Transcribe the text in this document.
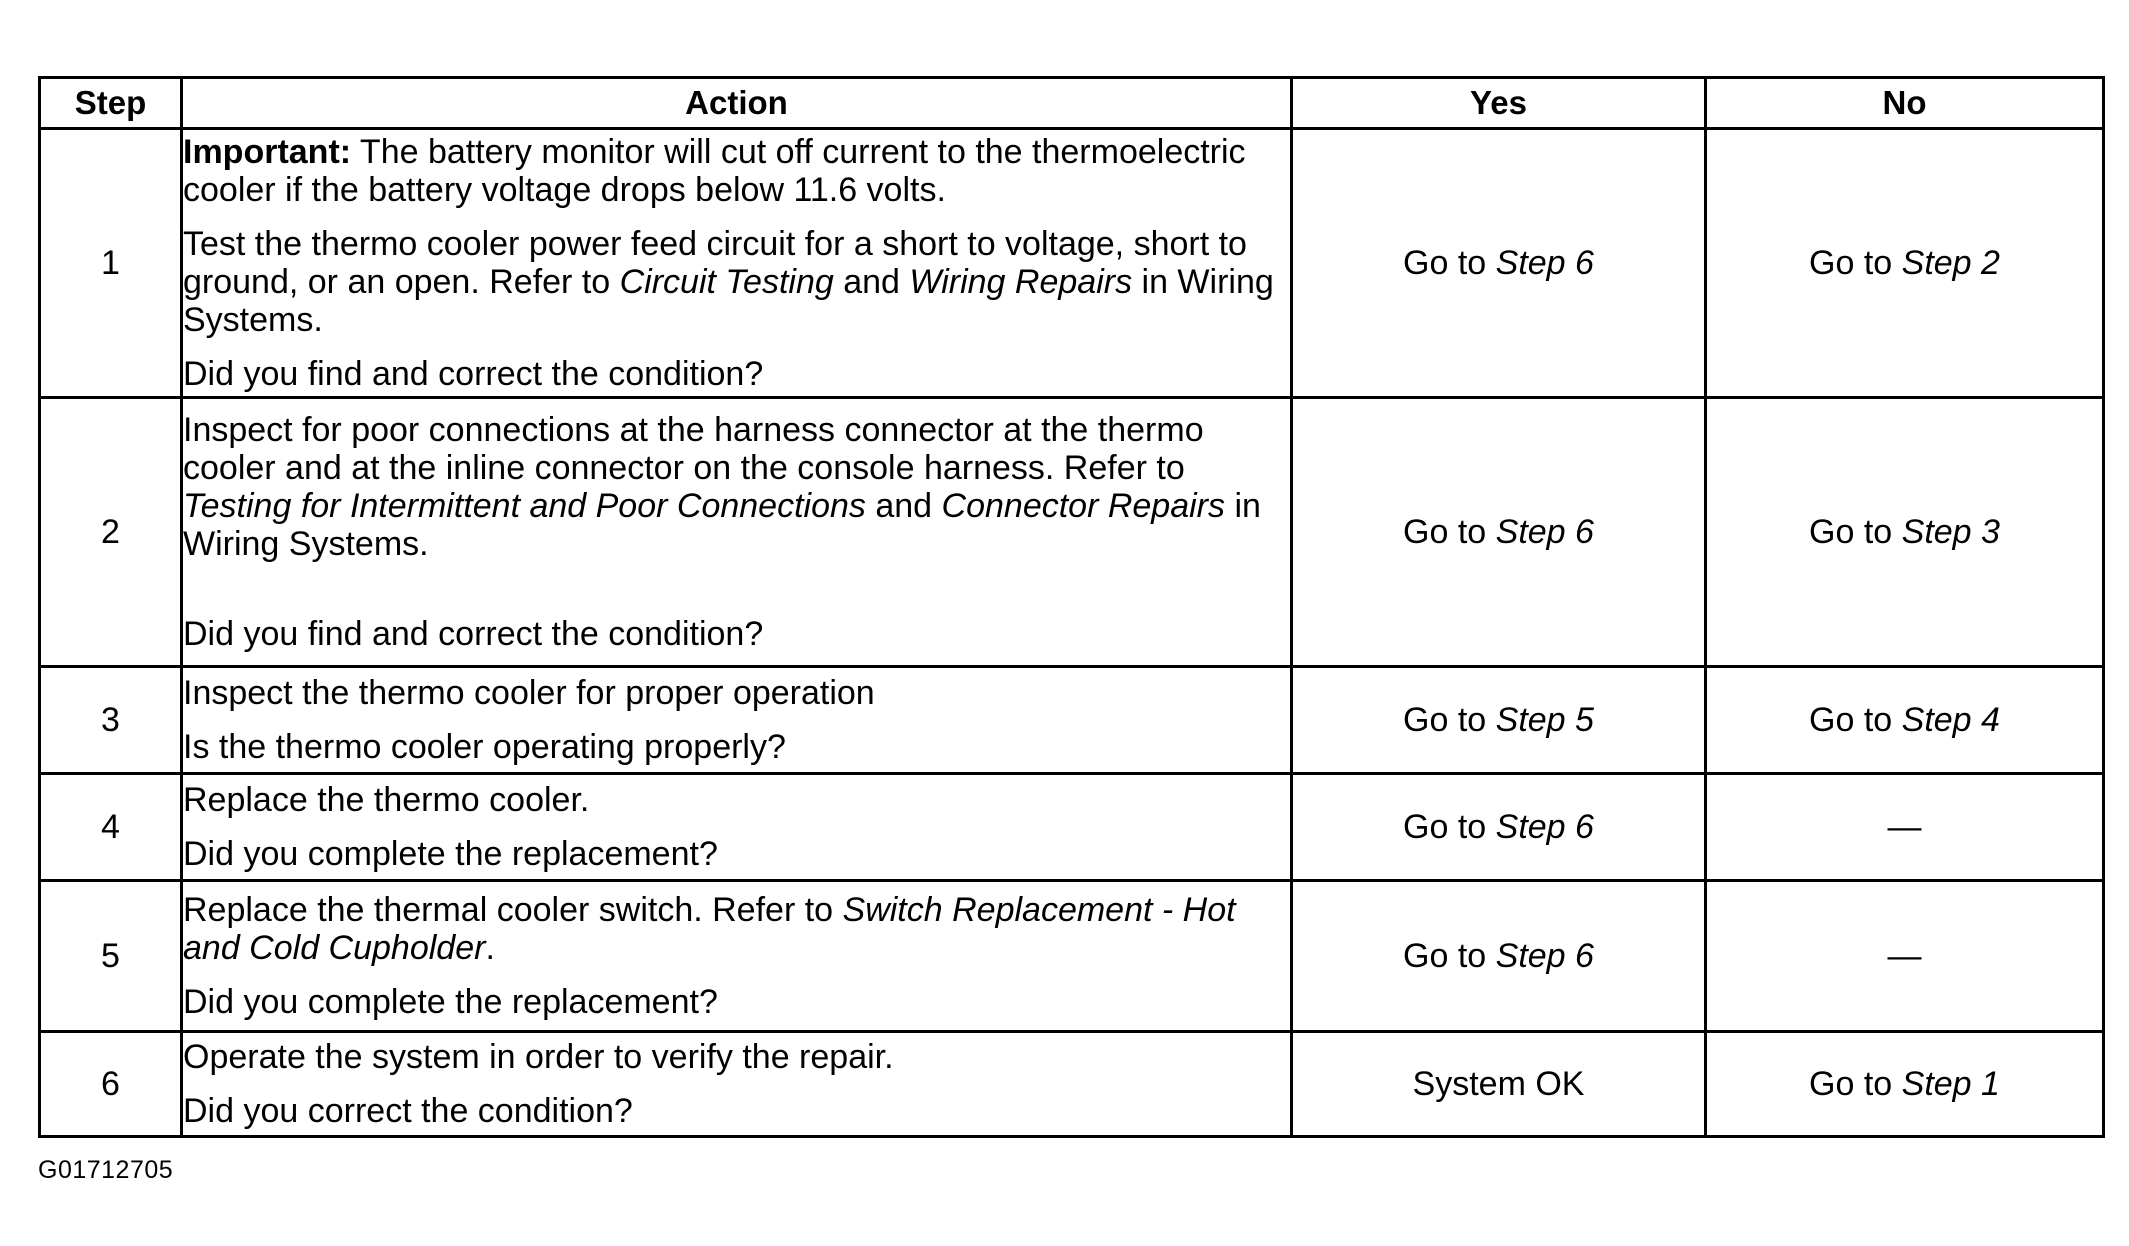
Step	Action	Yes	No
1	Important: The battery monitor will cut off current to the thermoelectric cooler if the battery voltage drops below 11.6 volts.

Test the thermo cooler power feed circuit for a short to voltage, short to ground, or an open. Refer to Circuit Testing and Wiring Repairs in Wiring Systems.

Did you find and correct the condition?	Go to Step 6	Go to Step 2
2	Inspect for poor connections at the harness connector at the thermo cooler and at the inline connector on the console harness. Refer to Testing for Intermittent and Poor Connections and Connector Repairs in Wiring Systems.

Did you find and correct the condition?	Go to Step 6	Go to Step 3
3	Inspect the thermo cooler for proper operation

Is the thermo cooler operating properly?	Go to Step 5	Go to Step 4
4	Replace the thermo cooler.

Did you complete the replacement?	Go to Step 6	—
5	Replace the thermal cooler switch. Refer to Switch Replacement - Hot and Cold Cupholder.

Did you complete the replacement?	Go to Step 6	—
6	Operate the system in order to verify the repair.

Did you correct the condition?	System OK	Go to Step 1
G01712705
